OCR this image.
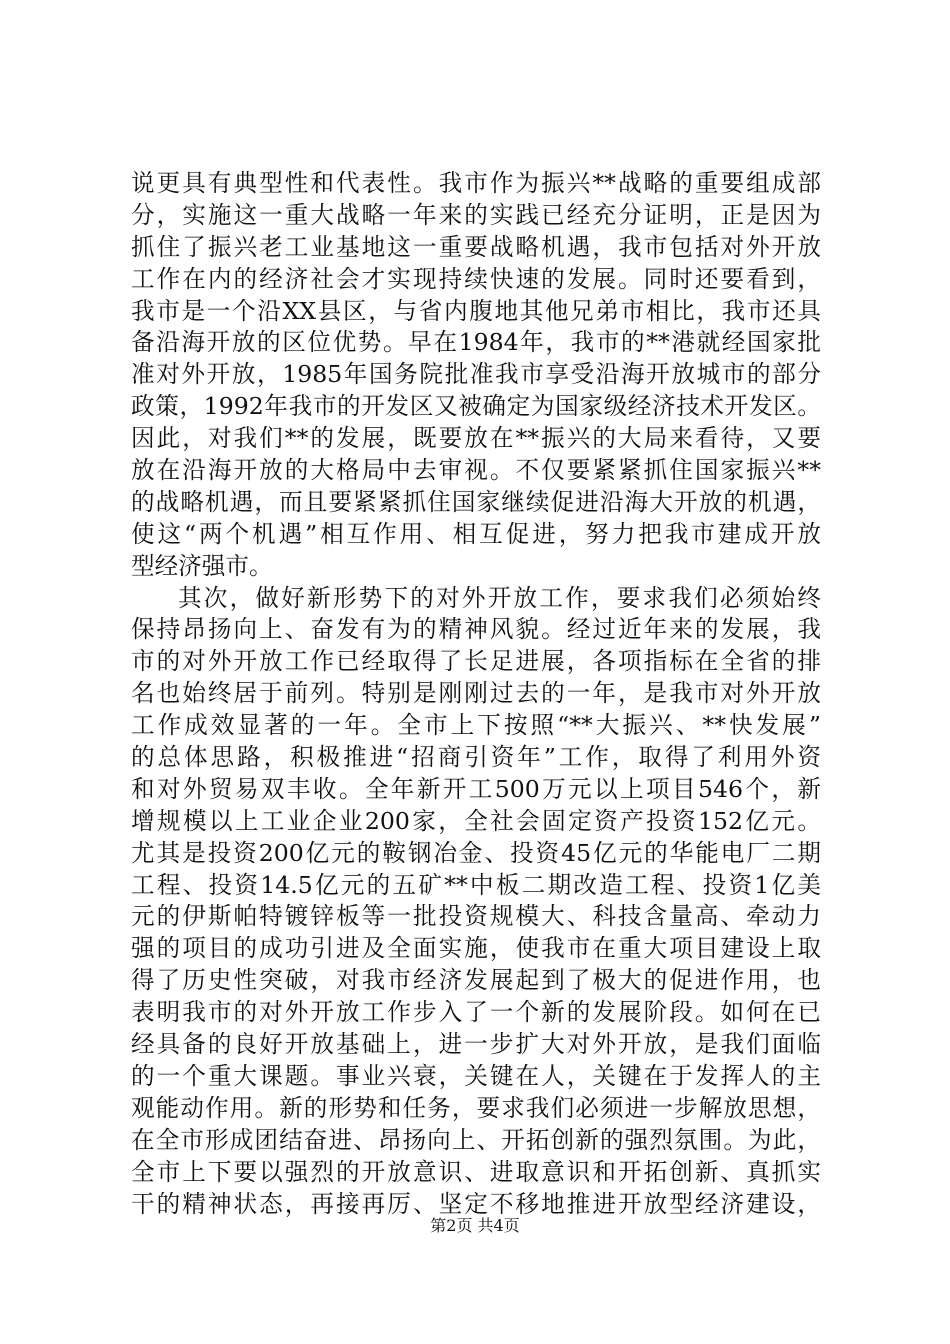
说更具有典型性和代表性。我市作为振兴**战略的重要组成部
分，实施这一重大战略一年来的实践已经充分证明，正是因为
抓住了振兴老工业基地这一重要战略机遇，我市包括对外开放
工作在内的经济社会才实现持续快速的发展。同时还要看到，
我市是一个沿XX县区，与省内腹地其他兄弟市相比，我市还具
备沿海开放的区位优势。早在1984年，我市的**港就经国家批
准对外开放，1985年国务院批准我市享受沿海开放城市的部分
政策，1992年我市的开发区又被确定为国家级经济技术开发区。
因此，对我们**的发展，既要放在**振兴的大局来看待，又要
放在沿海开放的大格局中去审视。不仅要紧紧抓住国家振兴**
的战略机遇，而且要紧紧抓住国家继续促进沿海大开放的机遇，
使这“两个机遇”相互作用、相互促进，努力把我市建成开放
型经济强市。
其次，做好新形势下的对外开放工作，要求我们必须始终
保持昂扬向上、奋发有为的精神风貌。经过近年来的发展，我
市的对外开放工作已经取得了长足进展，各项指标在全省的排
名也始终居于前列。特别是刚刚过去的一年，是我市对外开放
工作成效显著的一年。全市上下按照“**大振兴、**快发展”
的总体思路，积极推进“招商引资年”工作，取得了利用外资
和对外贸易双丰收。全年新开工500万元以上项目546个，新
增规模以上工业企业200家，全社会固定资产投资152亿元。
尤其是投资200亿元的鞍钢冶金、投资45亿元的华能电厂二期
工程、投资14.5亿元的五矿**中板二期改造工程、投资1亿美
元的伊斯帕特镀锌板等一批投资规模大、科技含量高、牵动力
强的项目的成功引进及全面实施，使我市在重大项目建设上取
得了历史性突破，对我市经济发展起到了极大的促进作用，也
表明我市的对外开放工作步入了一个新的发展阶段。如何在已
经具备的良好开放基础上，进一步扩大对外开放，是我们面临
的一个重大课题。事业兴衰，关键在人，关键在于发挥人的主
观能动作用。新的形势和任务，要求我们必须进一步解放思想，
在全市形成团结奋进、昂扬向上、开拓创新的强烈氛围。为此，
全市上下要以强烈的开放意识、进取意识和开拓创新、真抓实
干的精神状态，再接再厉、坚定不移地推进开放型经济建设，
第2页 共4页
